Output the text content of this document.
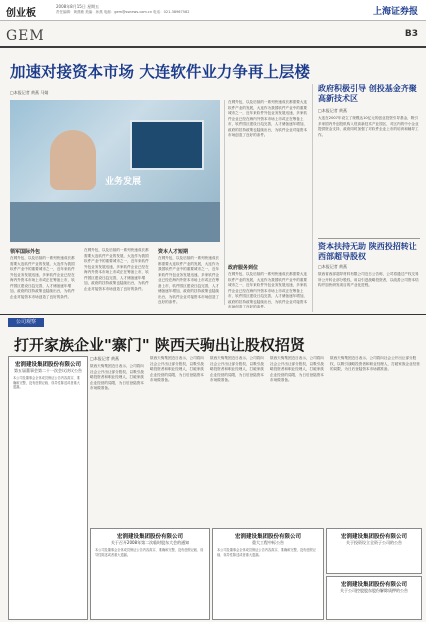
创业板
2008年8月15日 星期五
责任编辑：黄燕敏 美编：孙燕 电邮：gem@ssnews.com.cn 电话：021-38967582	上海证券报
GEM	B3
加速对接资本市场 大连软件业力争再上层楼
□本报记者 黄燕 马婧
业务发展
领军国际外包
在网外包，以及后续的一系列快速成长都需要大连软件产业的发展，大连作为我国软件产业中的重要城市之一，近年来软件外包业务发展迅速，多家软件企业已经在海内外资本市场上市或正在筹备上市，软件园区建设日趋完善，人才储备逐年增加，政府的扶持政策也陆续出台，为软件企业对接资本市场创造了良好的条件。
在网外包，以及后续的一系列快速成长都需要大连软件产业的发展，大连作为我国软件产业中的重要城市之一，近年来软件外包业务发展迅速，多家软件企业已经在海内外资本市场上市或正在筹备上市，软件园区建设日趋完善，人才储备逐年增加，政府的扶持政策也陆续出台，为软件企业对接资本市场创造了良好的条件。
资本人才短期
在网外包，以及后续的一系列快速成长都需要大连软件产业的发展，大连作为我国软件产业中的重要城市之一，近年来软件外包业务发展迅速，多家软件企业已经在海内外资本市场上市或正在筹备上市，软件园区建设日趋完善，人才储备逐年增加，政府的扶持政策也陆续出台，为软件企业对接资本市场创造了良好的条件。
在网外包，以及后续的一系列快速成长都需要大连软件产业的发展，大连作为我国软件产业中的重要城市之一，近年来软件外包业务发展迅速，多家软件企业已经在海内外资本市场上市或正在筹备上市，软件园区建设日趋完善，人才储备逐年增加，政府的扶持政策也陆续出台，为软件企业对接资本市场创造了良好的条件。
政府服务到位
在网外包，以及后续的一系列快速成长都需要大连软件产业的发展，大连作为我国软件产业中的重要城市之一，近年来软件外包业务发展迅速，多家软件企业已经在海内外资本市场上市或正在筹备上市，软件园区建设日趋完善，人才储备逐年增加，政府的扶持政策也陆续出台，为软件企业对接资本市场创造了良好的条件。
政府积极引导 创投基金齐聚高新技术区
□本报记者 黄燕
大连在2007年设立了规模达10亿元的创业投资引导基金，吸引多家国内外创投机构入驻高新技术产业园区，对区内的中小企业提供资金支持，政府同时加强了对软件企业上市的培育和辅导工作。
资本扶持无助 陕西投招转让西部超导股权
□本报记者 黄燕
陕西省西部超导材料有限公司近日公告称，公司将通过产权交易所公开转让部分股权，用以引进战略投资者，以改善公司资本结构并加快研发项目的产业化进程。
公司观察
打开家族企业"寨门" 陕西天驹出让股权招贤
□本报记者 黄燕
陕西天驹集团近日表示，公司将向社会公开出让部分股权，以吸引战略投资者和职业经理人，打破家族企业经营的局限，为日后登陆资本市场做准备。
陕西天驹集团近日表示，公司将向社会公开出让部分股权，以吸引战略投资者和职业经理人，打破家族企业经营的局限，为日后登陆资本市场做准备。
陕西天驹集团近日表示，公司将向社会公开出让部分股权，以吸引战略投资者和职业经理人，打破家族企业经营的局限，为日后登陆资本市场做准备。
陕西天驹集团近日表示，公司将向社会公开出让部分股权，以吸引战略投资者和职业经理人，打破家族企业经营的局限，为日后登陆资本市场做准备。
陕西天驹集团近日表示，公司将向社会公开出让部分股权，以吸引战略投资者和职业经理人，打破家族企业经营的局限，为日后登陆资本市场做准备。
宏润建设集团股份有限公司
第五届董事会第二十一次会议决议公告
本公司及董事会全体成员保证公告内容真实、准确和完整，没有虚假记载、误导性陈述或者重大遗漏。
宏润建设集团股份有限公司
关于召开2008年第二次临时股东大会的通知
本公司及董事会全体成员保证公告内容真实、准确和完整，没有虚假记载、误导性陈述或者重大遗漏。
宏润建设集团股份有限公司
重大工程中标公告
本公司及董事会全体成员保证公告内容真实、准确和完整，没有虚假记载、误导性陈述或者重大遗漏。
宏润建设集团股份有限公司
关于投资设立全资子公司的公告
宏润建设集团股份有限公司
关于公司控股股东股份解除质押的公告
